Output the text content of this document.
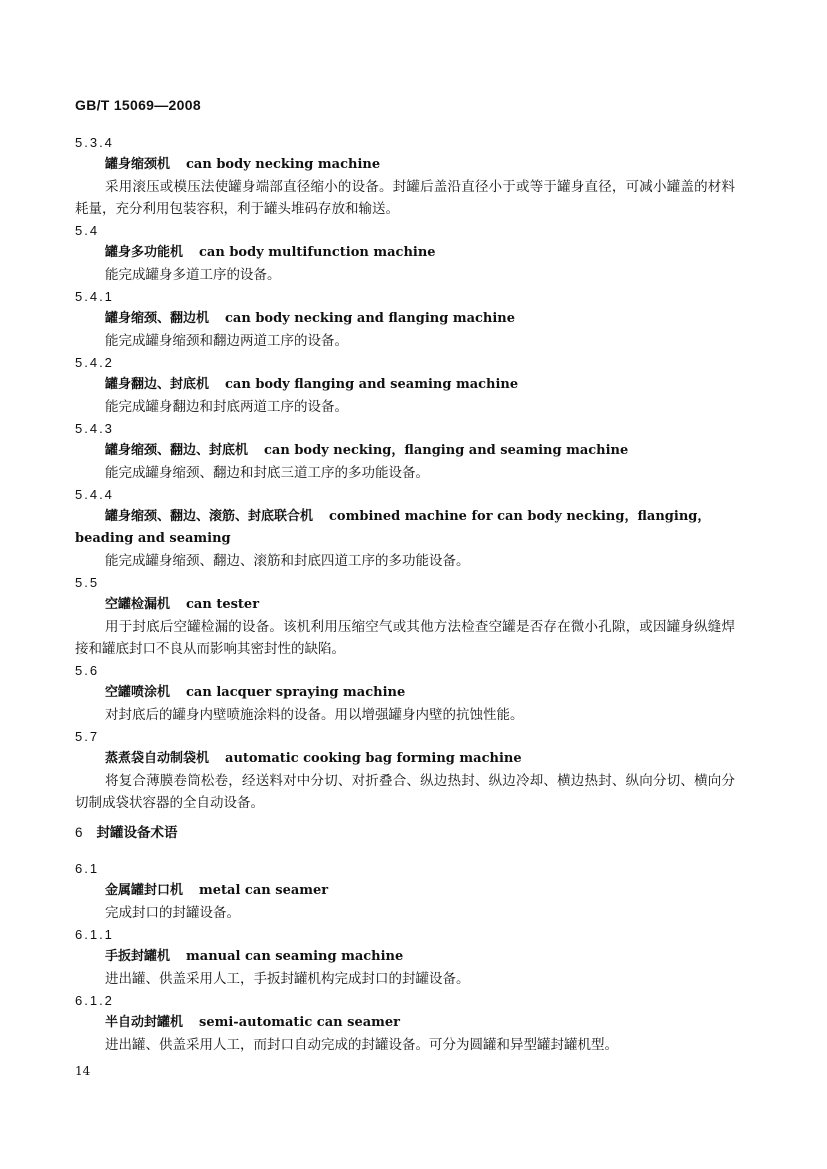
GB/T 15069—2008
5.3.4
罐身缩颈机 can body necking machine
采用滚压或模压法使罐身端部直径缩小的设备。封罐后盖沿直径小于或等于罐身直径，可减小罐盖的材料耗量，充分利用包装容积，利于罐头堆码存放和输送。
5.4
罐身多功能机 can body multifunction machine
能完成罐身多道工序的设备。
5.4.1
罐身缩颈、翻边机 can body necking and flanging machine
能完成罐身缩颈和翻边两道工序的设备。
5.4.2
罐身翻边、封底机 can body flanging and seaming machine
能完成罐身翻边和封底两道工序的设备。
5.4.3
罐身缩颈、翻边、封底机 can body necking，flanging and seaming machine
能完成罐身缩颈、翻边和封底三道工序的多功能设备。
5.4.4
罐身缩颈、翻边、滚筋、封底联合机 combined machine for can body necking，flanging，beading and seaming
能完成罐身缩颈、翻边、滚筋和封底四道工序的多功能设备。
5.5
空罐检漏机 can tester
用于封底后空罐检漏的设备。该机利用压缩空气或其他方法检查空罐是否存在微小孔隙，或因罐身纵缝焊接和罐底封口不良从而影响其密封性的缺陷。
5.6
空罐喷涂机 can lacquer spraying machine
对封底后的罐身内壁喷施涂料的设备。用以增强罐身内壁的抗蚀性能。
5.7
蒸煮袋自动制袋机 automatic cooking bag forming machine
将复合薄膜卷筒松卷，经送料对中分切、对折叠合、纵边热封、纵边冷却、横边热封、纵向分切、横向分切制成袋状容器的全自动设备。
6 封罐设备术语
6.1
金属罐封口机 metal can seamer
完成封口的封罐设备。
6.1.1
手扳封罐机 manual can seaming machine
进出罐、供盖采用人工，手扳封罐机构完成封口的封罐设备。
6.1.2
半自动封罐机 semi-automatic can seamer
进出罐、供盖采用人工，而封口自动完成的封罐设备。可分为圆罐和异型罐封罐机型。
14
